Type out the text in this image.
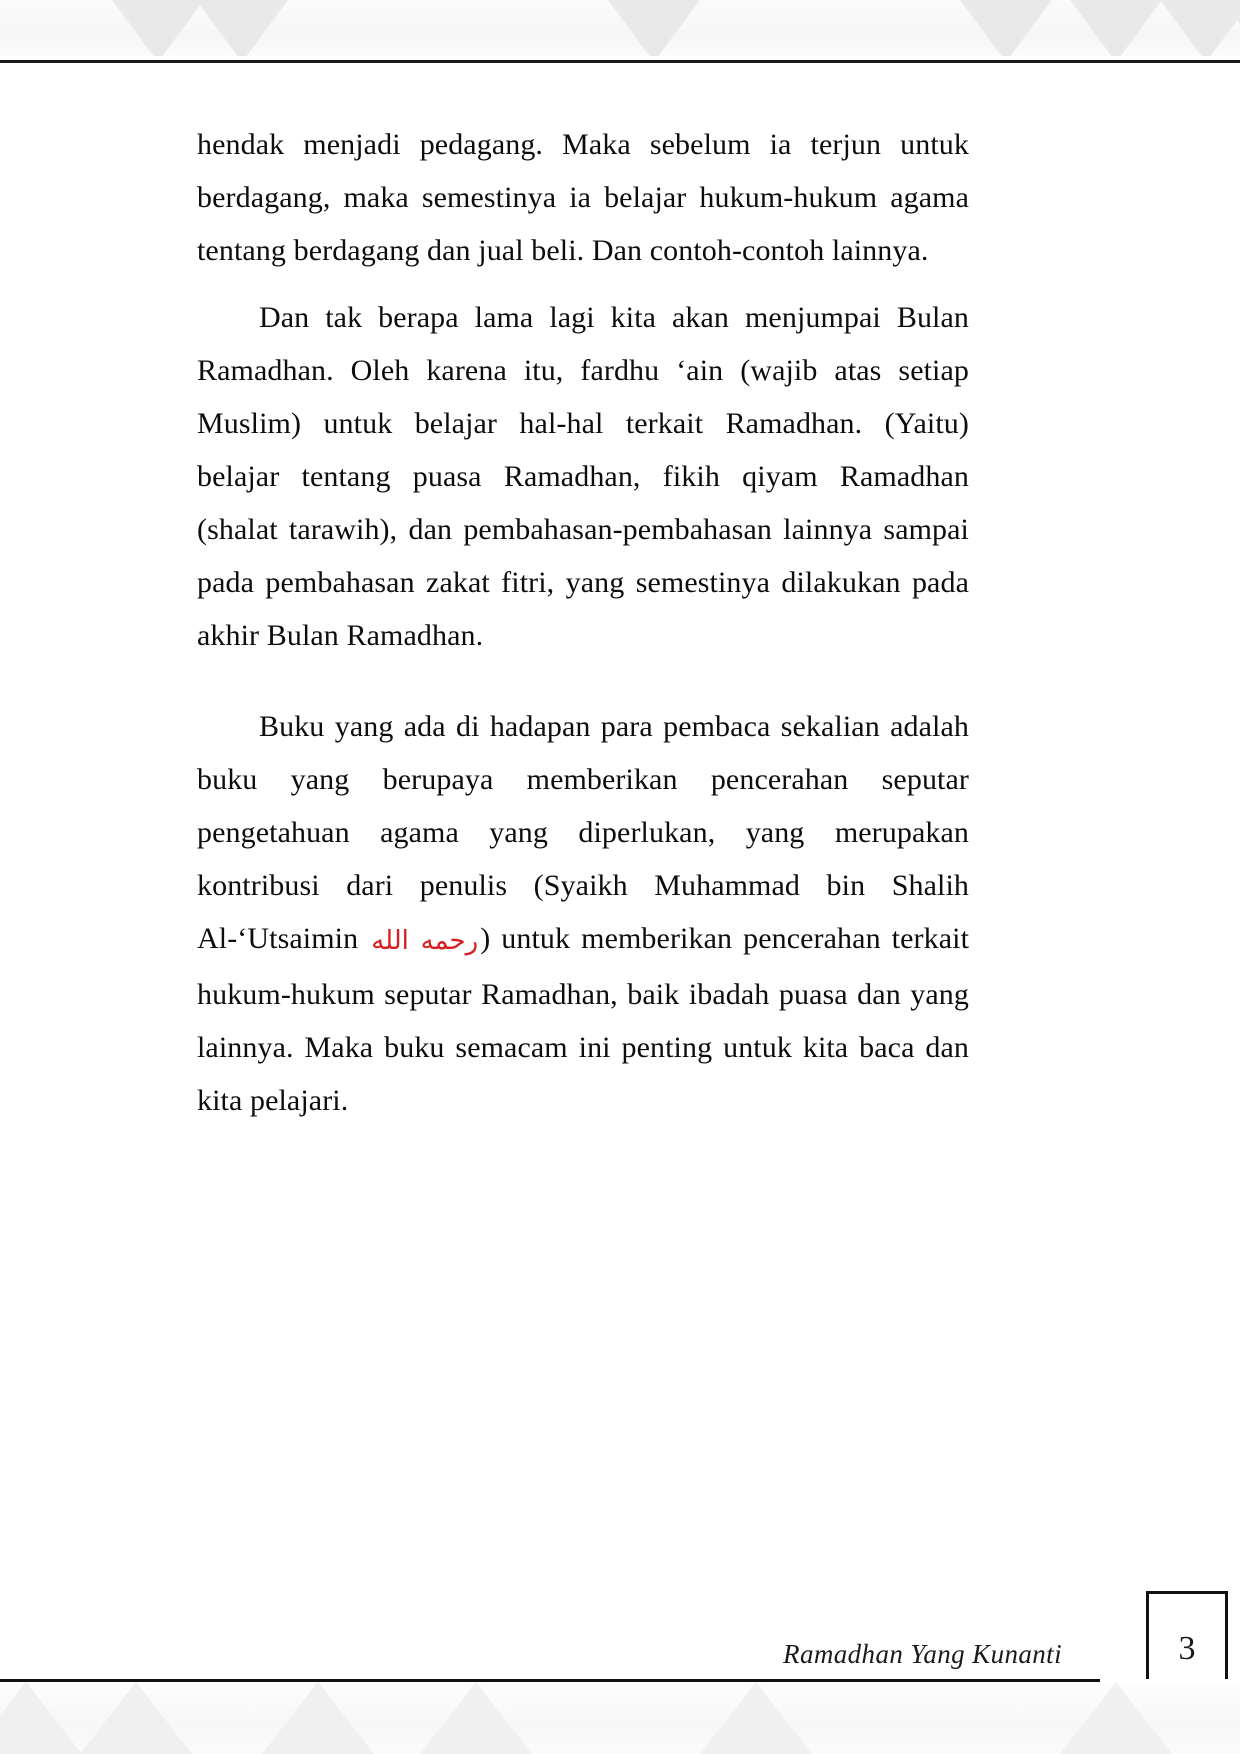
hendak menjadi pedagang. Maka sebelum ia terjun untuk berdagang, maka semestinya ia belajar hukum-hukum agama tentang berdagang dan jual beli. Dan contoh-contoh lainnya.

Dan tak berapa lama lagi kita akan menjumpai Bulan Ramadhan. Oleh karena itu, fardhu ‘ain (wajib atas setiap Muslim) untuk belajar hal-hal terkait Ramadhan. (Yaitu) belajar tentang puasa Ramadhan, fikih qiyam Ramadhan (shalat tarawih), dan pembahasan-pembahasan lainnya sampai pada pembahasan zakat fitri, yang semestinya dilakukan pada akhir Bulan Ramadhan.

Buku yang ada di hadapan para pembaca sekalian adalah buku yang berupaya memberikan pencerahan seputar pengetahuan agama yang diperlukan, yang merupakan kontribusi dari penulis (Syaikh Muhammad bin Shalih Al-‘Utsaimin رحمه الله) untuk memberikan pencerahan terkait hukum-hukum seputar Ramadhan, baik ibadah puasa dan yang lainnya. Maka buku semacam ini penting untuk kita baca dan kita pelajari.

Ramadhan Yang Kunanti	3
